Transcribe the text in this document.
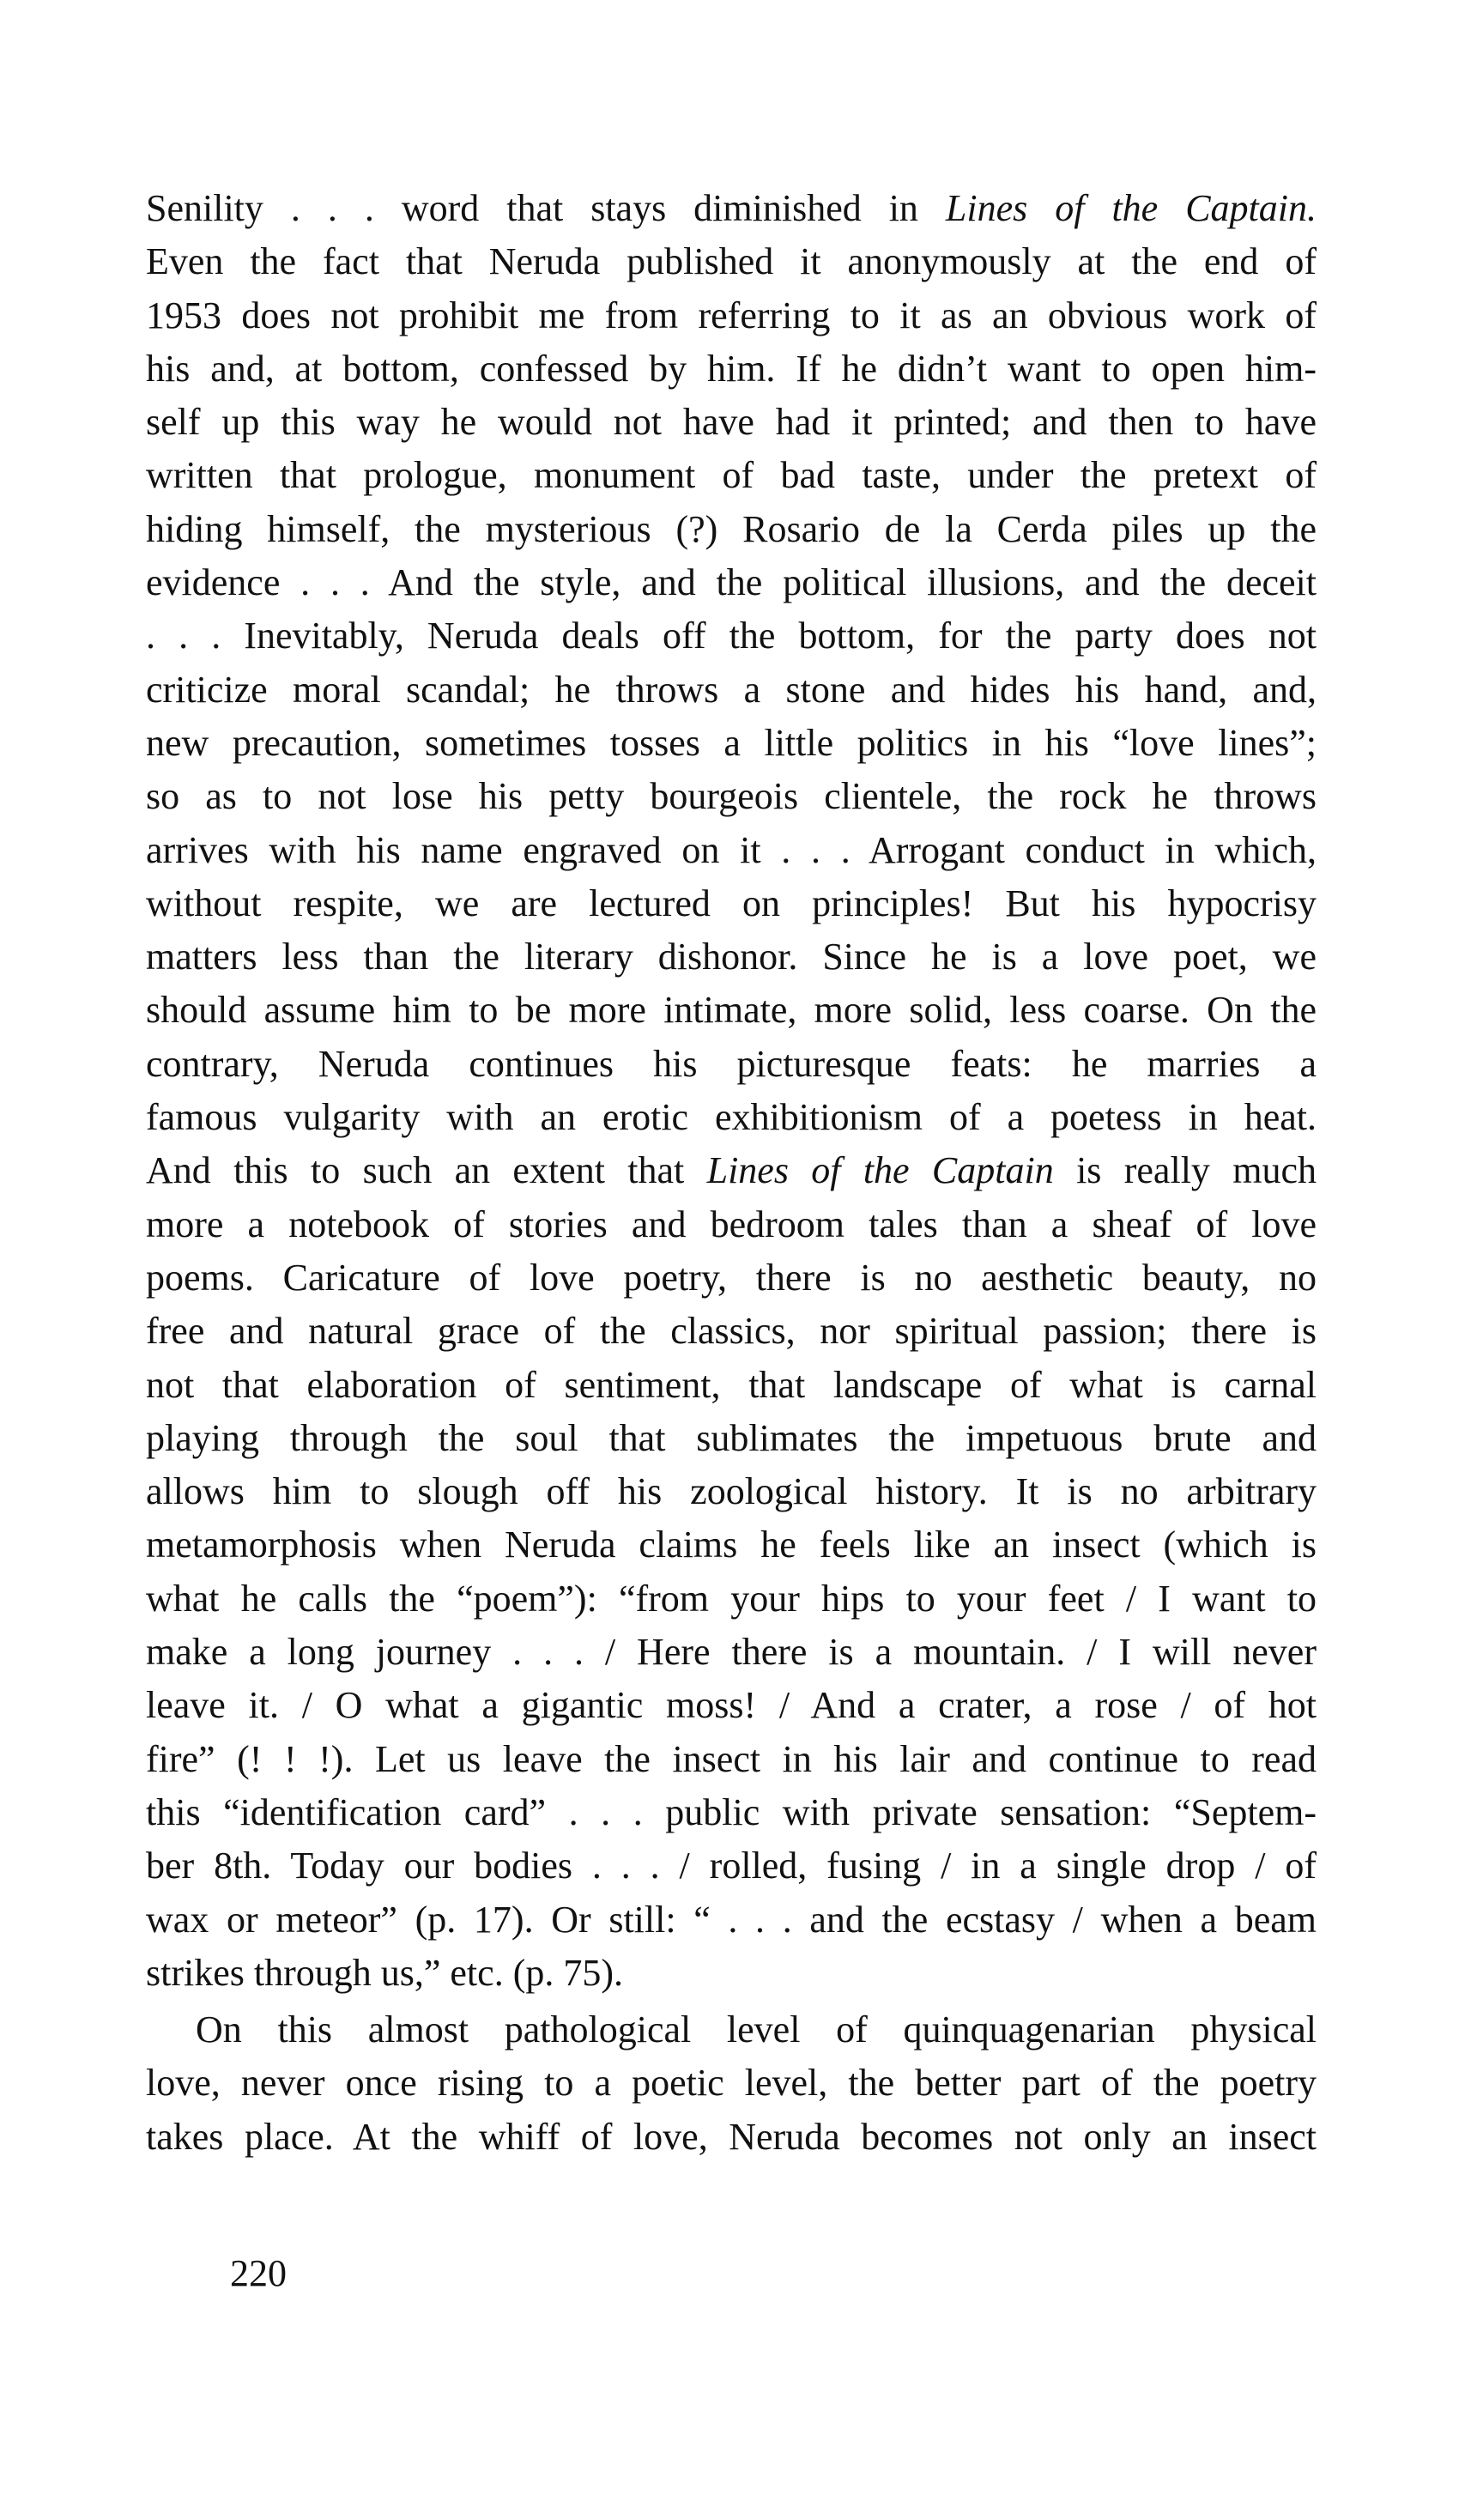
Senility . . . word that stays diminished in Lines of the Captain.
Even the fact that Neruda published it anonymously at the end of
1953 does not prohibit me from referring to it as an obvious work of
his and, at bottom, confessed by him. If he didn’t want to open him-
self up this way he would not have had it printed; and then to have
written that prologue, monument of bad taste, under the pretext of
hiding himself, the mysterious (?) Rosario de la Cerda piles up the
evidence . . . And the style, and the political illusions, and the deceit
. . . Inevitably, Neruda deals off the bottom, for the party does not
criticize moral scandal; he throws a stone and hides his hand, and,
new precaution, sometimes tosses a little politics in his “love lines”;
so as to not lose his petty bourgeois clientele, the rock he throws
arrives with his name engraved on it . . . Arrogant conduct in which,
without respite, we are lectured on principles! But his hypocrisy
matters less than the literary dishonor. Since he is a love poet, we
should assume him to be more intimate, more solid, less coarse. On the
contrary, Neruda continues his picturesque feats: he marries a
famous vulgarity with an erotic exhibitionism of a poetess in heat.
And this to such an extent that Lines of the Captain is really much
more a notebook of stories and bedroom tales than a sheaf of love
poems. Caricature of love poetry, there is no aesthetic beauty, no
free and natural grace of the classics, nor spiritual passion; there is
not that elaboration of sentiment, that landscape of what is carnal
playing through the soul that sublimates the impetuous brute and
allows him to slough off his zoological history. It is no arbitrary
metamorphosis when Neruda claims he feels like an insect (which is
what he calls the “poem”): “from your hips to your feet / I want to
make a long journey . . . / Here there is a mountain. / I will never
leave it. / O what a gigantic moss! / And a crater, a rose / of hot
fire” (! ! !). Let us leave the insect in his lair and continue to read
this “identification card” . . . public with private sensation: “Septem-
ber 8th. Today our bodies . . . / rolled, fusing / in a single drop / of
wax or meteor” (p. 17). Or still: “ . . . and the ecstasy / when a beam
strikes through us,” etc. (p. 75).
On this almost pathological level of quinquagenarian physical
love, never once rising to a poetic level, the better part of the poetry
takes place. At the whiff of love, Neruda becomes not only an insect
220
